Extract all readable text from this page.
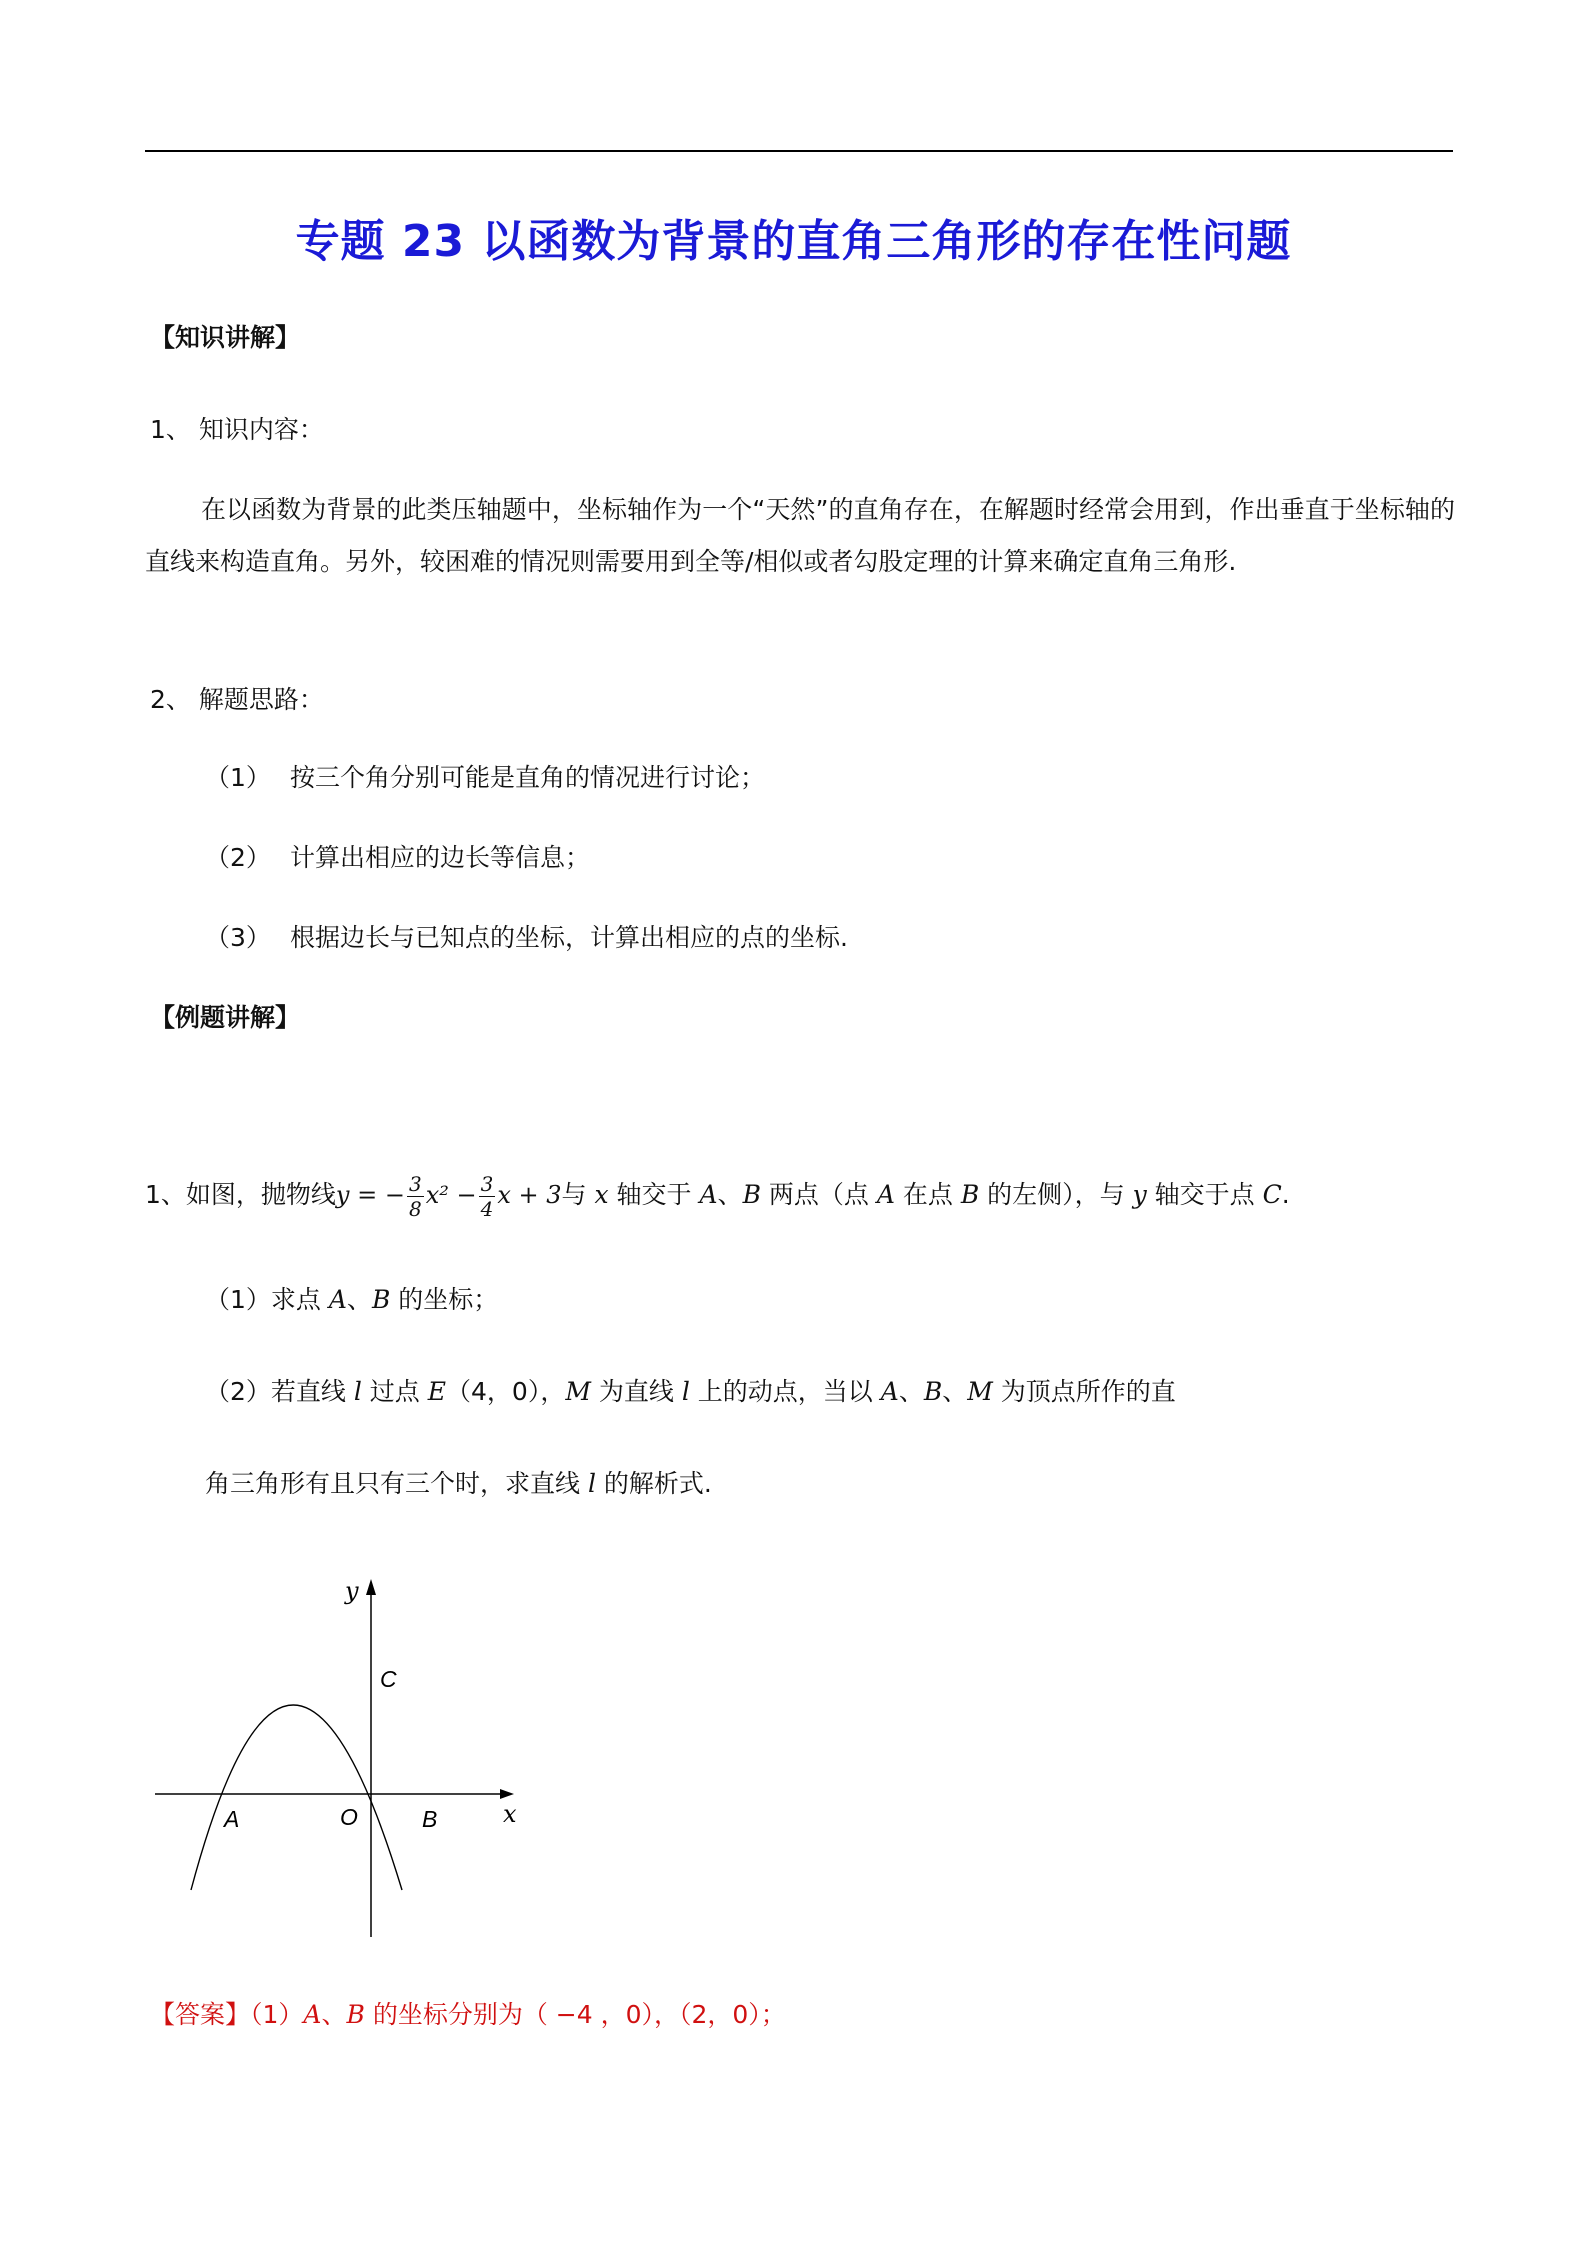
专题 23 以函数为背景的直角三角形的存在性问题
【知识讲解】
1、 知识内容：
在以函数为背景的此类压轴题中，坐标轴作为一个“天然”的直角存在，在解题时经常会用到，作出垂直于坐标轴的直线来构造直角。另外，较困难的情况则需要用到全等/相似或者勾股定理的计算来确定直角三角形.
2、 解题思路：
（1） 按三个角分别可能是直角的情况进行讨论；
（2） 计算出相应的边长等信息；
（3） 根据边长与已知点的坐标，计算出相应的点的坐标.
【例题讲解】
1、如图，抛物线y = − $\frac{3}{8} x^2 - \frac{3}{4}$ x + 3与 x 轴交于 A、B 两点（点 A 在点 B 的左侧），与 y 轴交于点 C.
（1）求点 A、B 的坐标；
（2）若直线 l 过点 E（4，0），M 为直线 l 上的动点，当以 A、B、M 为顶点所作的直
角三角形有且只有三个时，求直线 l 的解析式.
y
x
C
A	O	B
【答案】（1）A、B 的坐标分别为（ −4 ，0），（2，0）；
